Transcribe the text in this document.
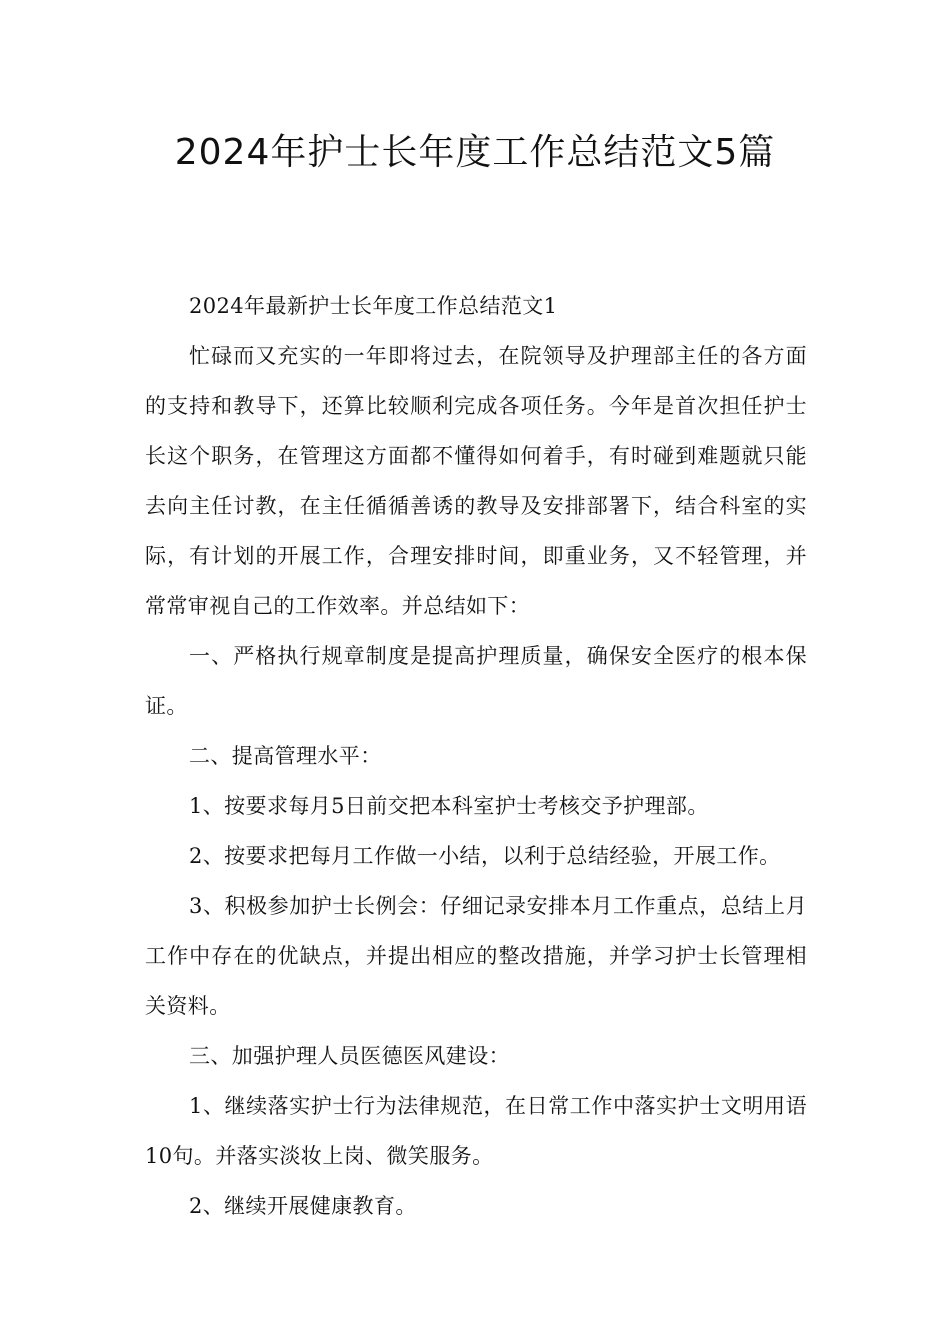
2024年护士长年度工作总结范文5篇

2024年最新护士长年度工作总结范文1

忙碌而又充实的一年即将过去，在院领导及护理部主任的各方面的支持和教导下，还算比较顺利完成各项任务。今年是首次担任护士长这个职务，在管理这方面都不懂得如何着手，有时碰到难题就只能去向主任讨教，在主任循循善诱的教导及安排部署下，结合科室的实际，有计划的开展工作，合理安排时间，即重业务，又不轻管理，并常常审视自己的工作效率。并总结如下：

一、严格执行规章制度是提高护理质量，确保安全医疗的根本保证。

二、提高管理水平：

1、按要求每月5日前交把本科室护士考核交予护理部。

2、按要求把每月工作做一小结，以利于总结经验，开展工作。

3、积极参加护士长例会：仔细记录安排本月工作重点，总结上月工作中存在的优缺点，并提出相应的整改措施，并学习护士长管理相关资料。

三、加强护理人员医德医风建设：

1、继续落实护士行为法律规范，在日常工作中落实护士文明用语10句。并落实淡妆上岗、微笑服务。

2、继续开展健康教育。
